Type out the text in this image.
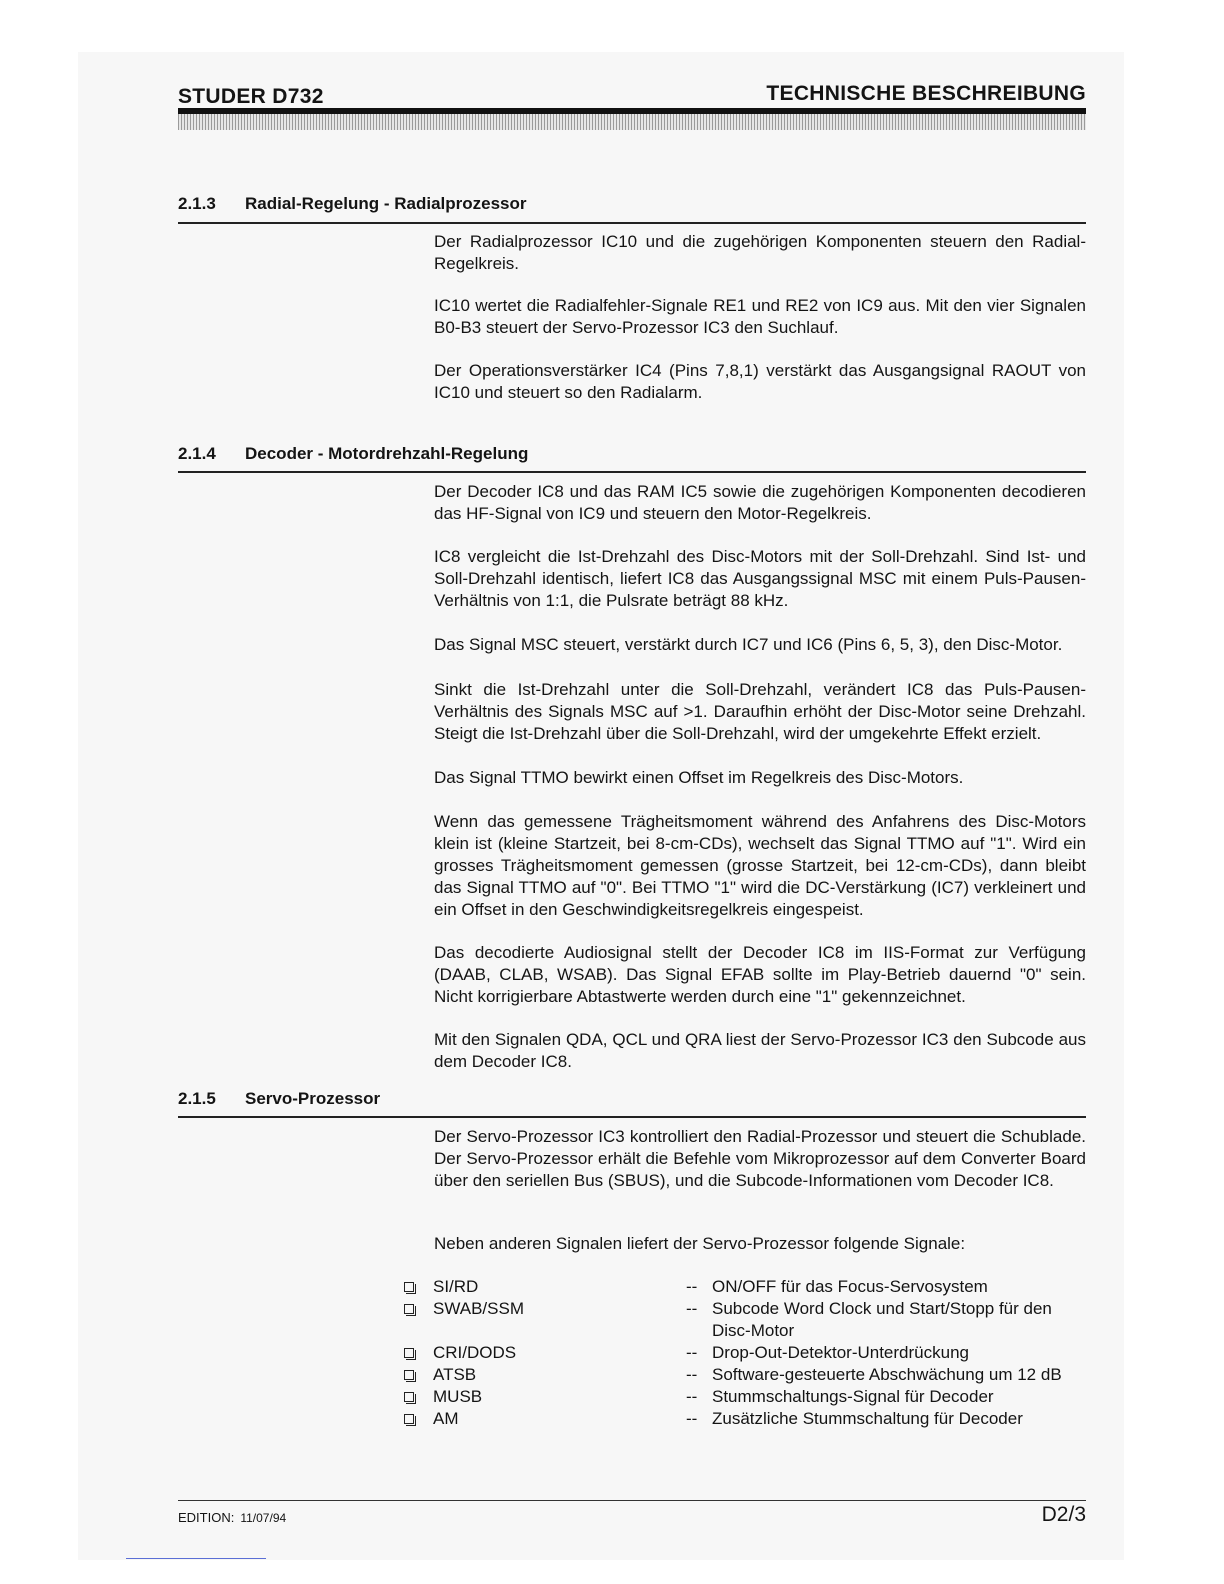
STUDER D732	TECHNISCHE BESCHREIBUNG
2.1.3 Radial-Regelung - Radialprozessor

Der Radialprozessor IC10 und die zugehörigen Komponenten steuern den Radial-Regelkreis.

IC10 wertet die Radialfehler-Signale RE1 und RE2 von IC9 aus. Mit den vier Signalen B0-B3 steuert der Servo-Prozessor IC3 den Suchlauf.

Der Operationsverstärker IC4 (Pins 7,8,1) verstärkt das Ausgangsignal RAOUT von IC10 und steuert so den Radialarm.

2.1.4 Decoder - Motordrehzahl-Regelung

Der Decoder IC8 und das RAM IC5 sowie die zugehörigen Komponenten decodieren das HF-Signal von IC9 und steuern den Motor-Regelkreis.

IC8 vergleicht die Ist-Drehzahl des Disc-Motors mit der Soll-Drehzahl. Sind Ist- und Soll-Drehzahl identisch, liefert IC8 das Ausgangssignal MSC mit einem Puls-Pausen-Verhältnis von 1:1, die Pulsrate beträgt 88 kHz.

Das Signal MSC steuert, verstärkt durch IC7 und IC6 (Pins 6, 5, 3), den Disc-Motor.

Sinkt die Ist-Drehzahl unter die Soll-Drehzahl, verändert IC8 das Puls-Pausen-Verhältnis des Signals MSC auf >1. Daraufhin erhöht der Disc-Motor seine Drehzahl. Steigt die Ist-Drehzahl über die Soll-Drehzahl, wird der umgekehrte Effekt erzielt.

Das Signal TTMO bewirkt einen Offset im Regelkreis des Disc-Motors.

Wenn das gemessene Trägheitsmoment während des Anfahrens des Disc-Motors klein ist (kleine Startzeit, bei 8-cm-CDs), wechselt das Signal TTMO auf "1". Wird ein grosses Trägheitsmoment gemessen (grosse Startzeit, bei 12-cm-CDs), dann bleibt das Signal TTMO auf "0". Bei TTMO "1" wird die DC-Verstärkung (IC7) verkleinert und ein Offset in den Geschwindigkeitsregelkreis eingespeist.

Das decodierte Audiosignal stellt der Decoder IC8 im IIS-Format zur Verfügung (DAAB, CLAB, WSAB). Das Signal EFAB sollte im Play-Betrieb dauernd "0" sein. Nicht korrigierbare Abtastwerte werden durch eine "1" gekennzeichnet.

Mit den Signalen QDA, QCL und QRA liest der Servo-Prozessor IC3 den Subcode aus dem Decoder IC8.

2.1.5 Servo-Prozessor

Der Servo-Prozessor IC3 kontrolliert den Radial-Prozessor und steuert die Schublade. Der Servo-Prozessor erhält die Befehle vom Mikroprozessor auf dem Converter Board über den seriellen Bus (SBUS), und die Subcode-Informationen vom Decoder IC8.

Neben anderen Signalen liefert der Servo-Prozessor folgende Signale:

SI/RD	-- ON/OFF für das Focus-Servosystem
SWAB/SSM	-- Subcode Word Clock und Start/Stopp für den Disc-Motor
CRI/DODS	-- Drop-Out-Detektor-Unterdrückung
ATSB	-- Software-gesteuerte Abschwächung um 12 dB
MUSB	-- Stummschaltungs-Signal für Decoder
AM	-- Zusätzliche Stummschaltung für Decoder
EDITION: 11/07/94	D2/3
